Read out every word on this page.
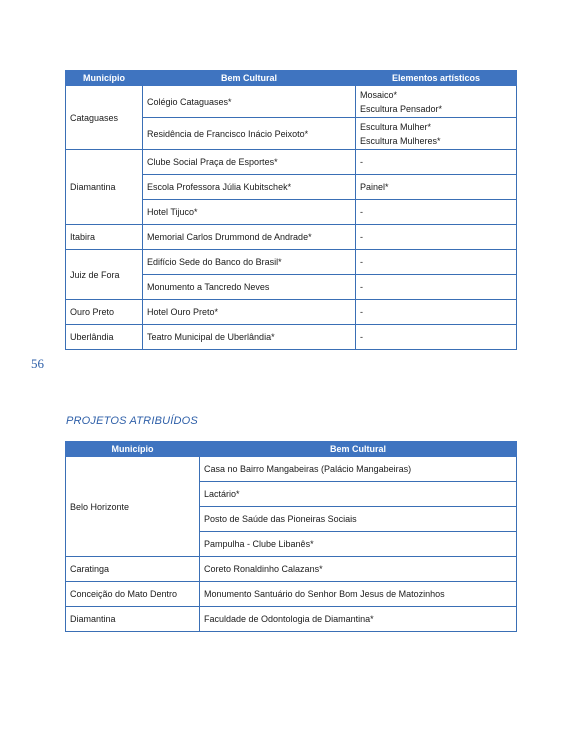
Município	Bem Cultural	Elementos artísticos
Cataguases	Colégio Cataguases*	Mosaico*
Escultura Pensador*

	Residência de Francisco Inácio Peixoto*	Escultura Mulher*
Escultura Mulheres*

Diamantina	Clube Social Praça de Esportes*	-
	Escola Professora Júlia Kubitschek*	Painel*
	Hotel Tijuco*	-
Itabira	Memorial Carlos Drummond de Andrade*	-
Juiz de Fora	Edifício Sede do Banco do Brasil*	-
	Monumento a Tancredo Neves	-
Ouro Preto	Hotel Ouro Preto*	-
Uberlândia	Teatro Municipal de Uberlândia*	-
56
PROJETOS ATRIBUÍDOS
Município	Bem Cultural
Belo Horizonte	Casa no Bairro Mangabeiras (Palácio Mangabeiras)
	Lactário*
	Posto de Saúde das Pioneiras Sociais
	Pampulha - Clube Libanês*
Caratinga	Coreto Ronaldinho Calazans*
Conceição do Mato Dentro	Monumento Santuário do Senhor Bom Jesus de Matozinhos
Diamantina	Faculdade de Odontologia de Diamantina*
